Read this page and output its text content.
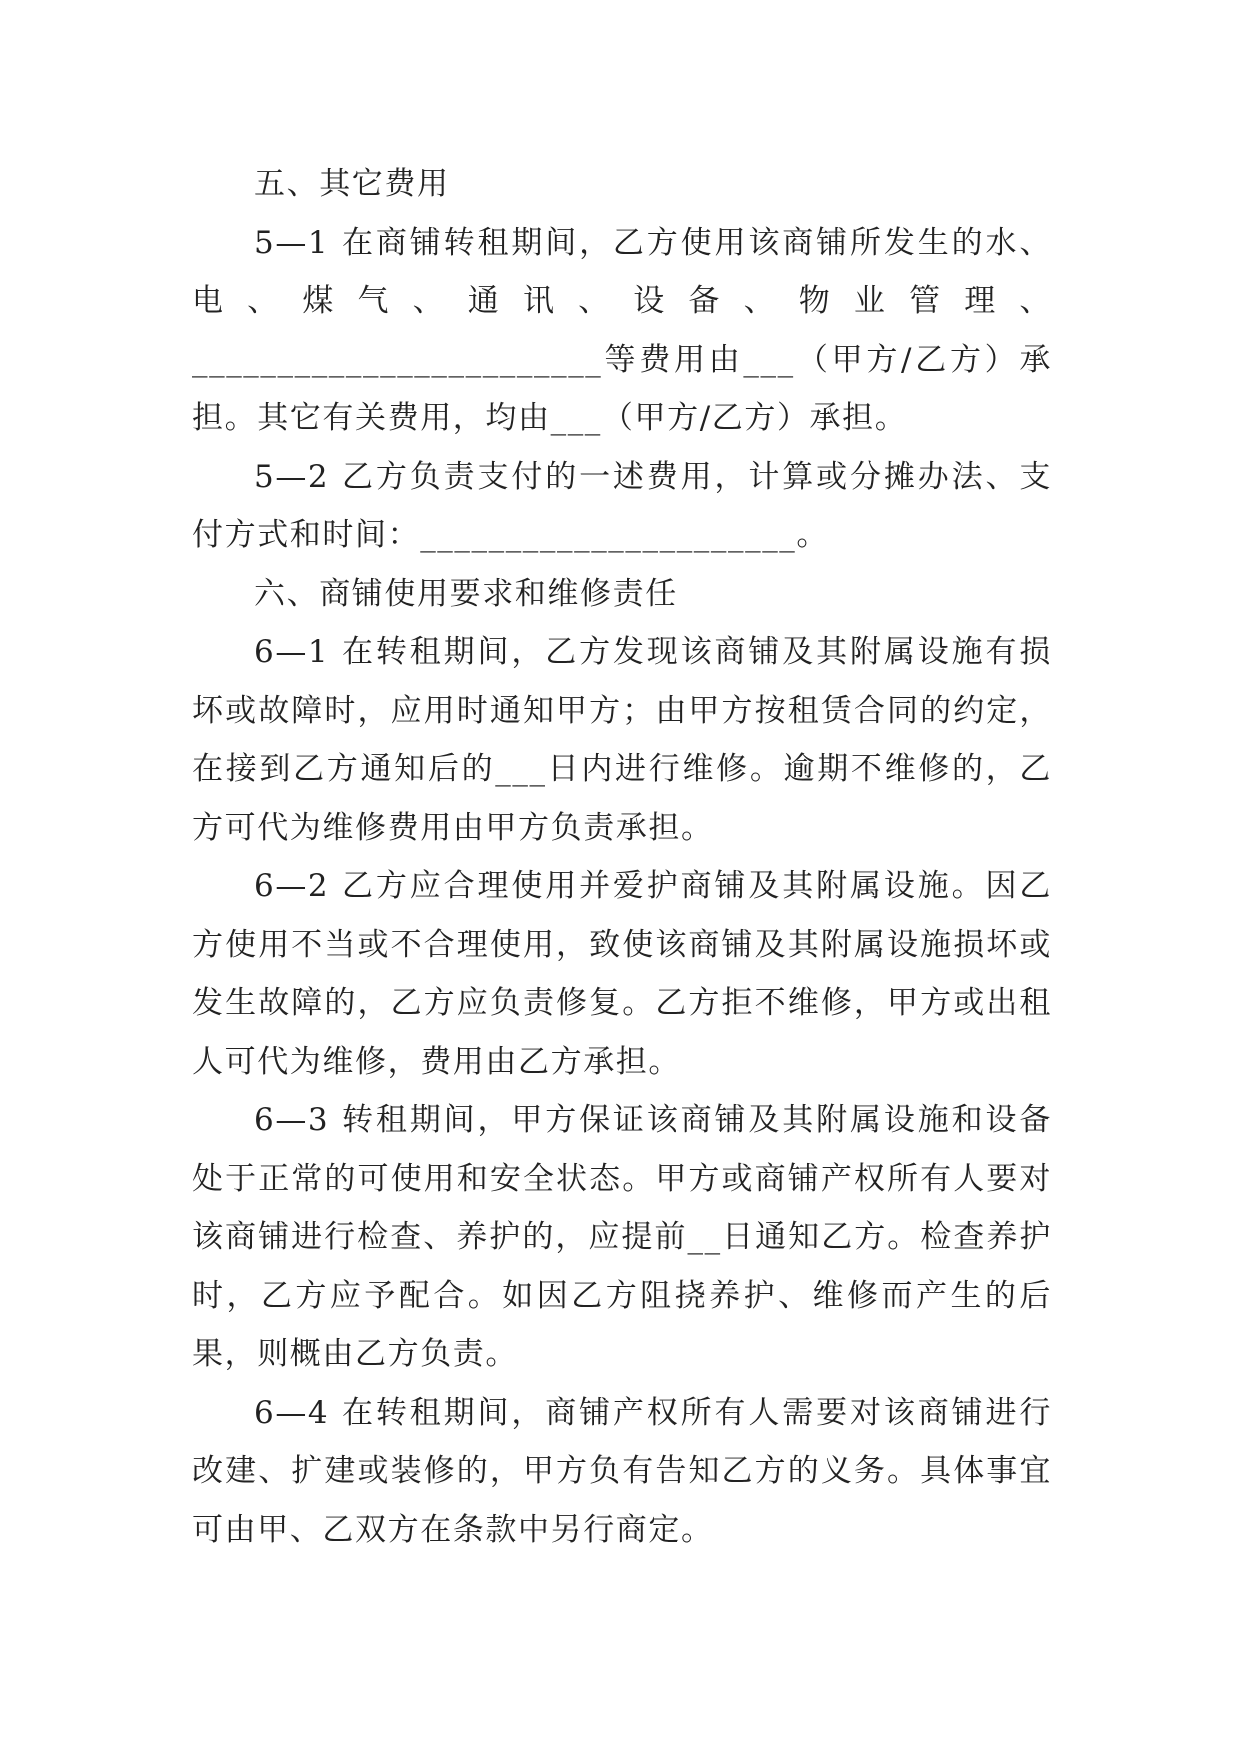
五、其它费用

5—1 在商铺转租期间，乙方使用该商铺所发生的水、电、煤气、通讯、设备、物业管理、________________________等费用由___（甲方/乙方）承担。其它有关费用，均由___（甲方/乙方）承担。

5—2 乙方负责支付的一述费用，计算或分摊办法、支付方式和时间：______________________。

六、商铺使用要求和维修责任

6—1 在转租期间，乙方发现该商铺及其附属设施有损坏或故障时，应用时通知甲方；由甲方按租赁合同的约定，在接到乙方通知后的___日内进行维修。逾期不维修的，乙方可代为维修费用由甲方负责承担。

6—2 乙方应合理使用并爱护商铺及其附属设施。因乙方使用不当或不合理使用，致使该商铺及其附属设施损坏或发生故障的，乙方应负责修复。乙方拒不维修，甲方或出租人可代为维修，费用由乙方承担。

6—3 转租期间，甲方保证该商铺及其附属设施和设备处于正常的可使用和安全状态。甲方或商铺产权所有人要对该商铺进行检查、养护的，应提前__日通知乙方。检查养护时，乙方应予配合。如因乙方阻挠养护、维修而产生的后果，则概由乙方负责。

6—4 在转租期间，商铺产权所有人需要对该商铺进行改建、扩建或装修的，甲方负有告知乙方的义务。具体事宜可由甲、乙双方在条款中另行商定。
